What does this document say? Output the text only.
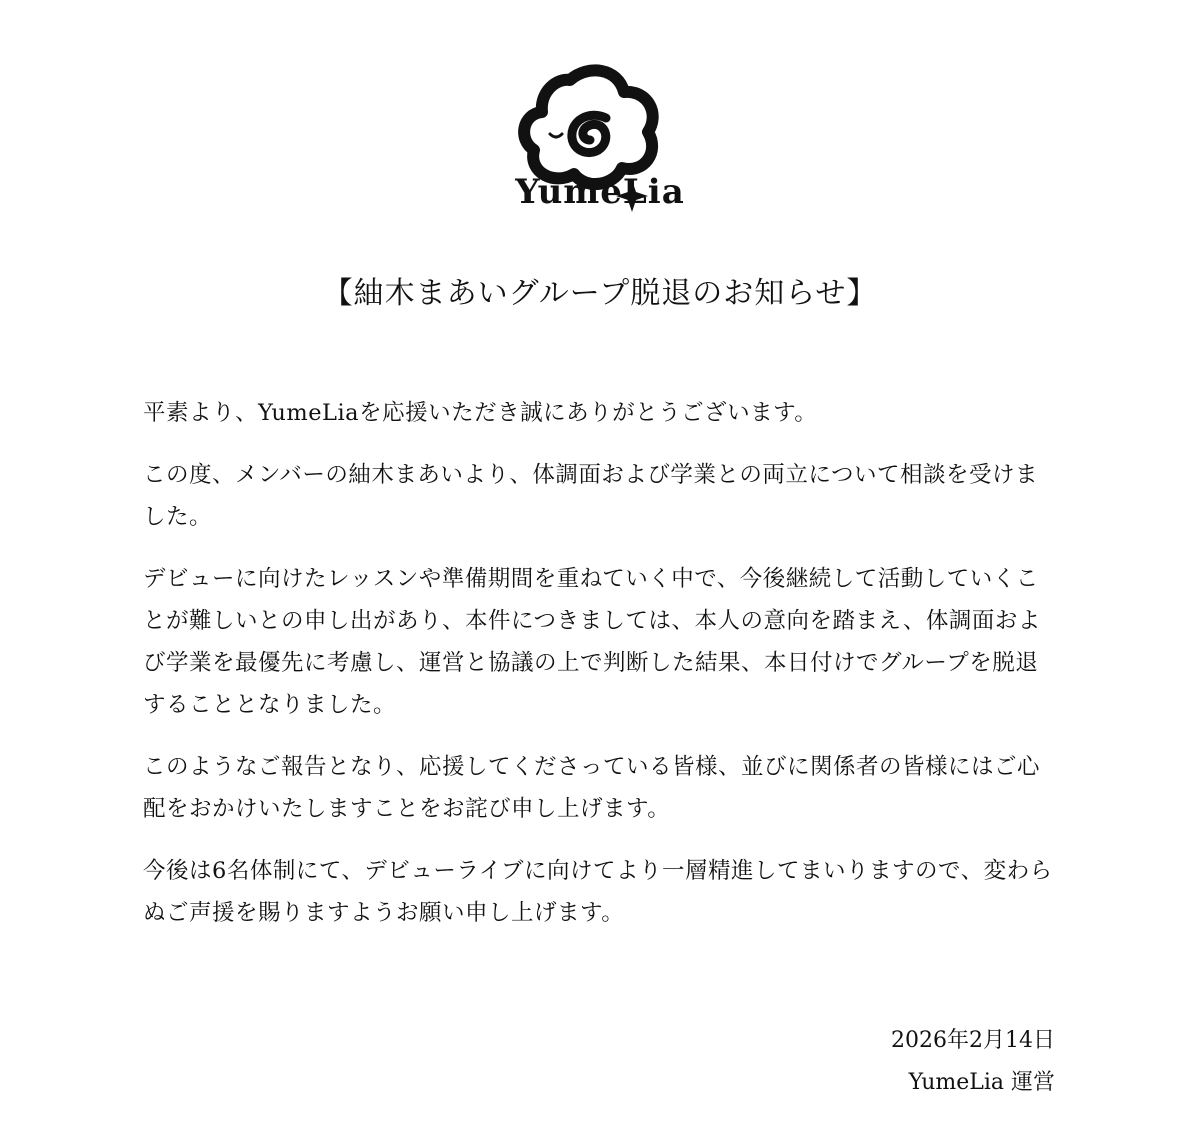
YumeLia
【紬木まあいグループ脱退のお知らせ】

平素より、YumeLiaを応援いただき誠にありがとうございます。

この度、メンバーの紬木まあいより、体調面および学業との両立について相談を受けました。

デビューに向けたレッスンや準備期間を重ねていく中で、今後継続して活動していくことが難しいとの申し出があり、本件につきましては、本人の意向を踏まえ、体調面および学業を最優先に考慮し、運営と協議の上で判断した結果、本日付けでグループを脱退することとなりました。

このようなご報告となり、応援してくださっている皆様、並びに関係者の皆様にはご心配をおかけいたしますことをお詫び申し上げます。

今後は6名体制にて、デビューライブに向けてより一層精進してまいりますので、変わらぬご声援を賜りますようお願い申し上げます。

2026年2月14日
YumeLia 運営
